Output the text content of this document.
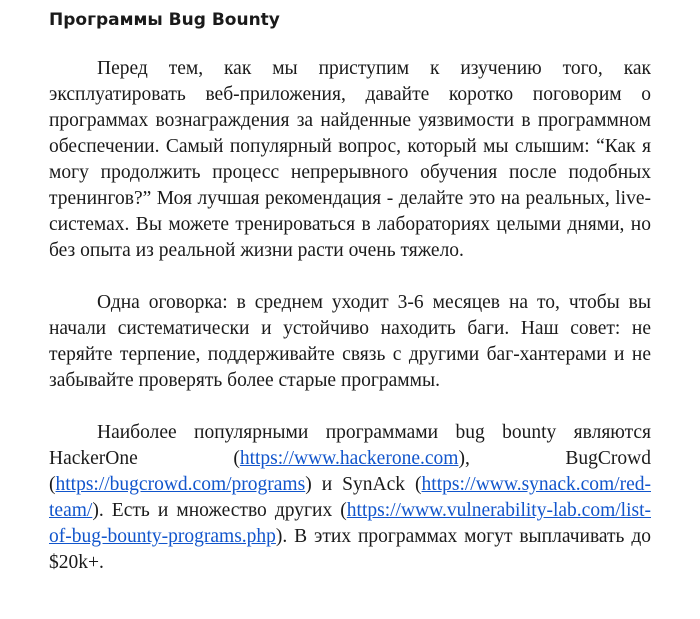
Программы Bug Bounty

Перед тем, как мы приступим к изучению того, как эксплуатировать веб-приложения, давайте коротко поговорим о программах вознаграждения за найденные уязвимости в программном обеспечении. Самый популярный вопрос, который мы слышим: “Как я могу продолжить процесс непрерывного обучения после подобных тренингов?” Моя лучшая рекомендация - делайте это на реальных, live-системах. Вы можете тренироваться в лабораториях целыми днями, но без опыта из реальной жизни расти очень тяжело.

Одна оговорка: в среднем уходит 3-6 месяцев на то, чтобы вы начали систематически и устойчиво находить баги. Наш совет: не теряйте терпение, поддерживайте связь с другими баг-хантерами и не забывайте проверять более старые программы.

Наиболее популярными программами bug bounty являются HackerOne (https://www.hackerone.com), BugCrowd (https://bugcrowd.com/programs) и SynAck (https://www.synack.com/red-team/). Есть и множество других (https://www.vulnerability-lab.com/list-of-bug-bounty-programs.php). В этих программах могут выплачивать до $20k+.
